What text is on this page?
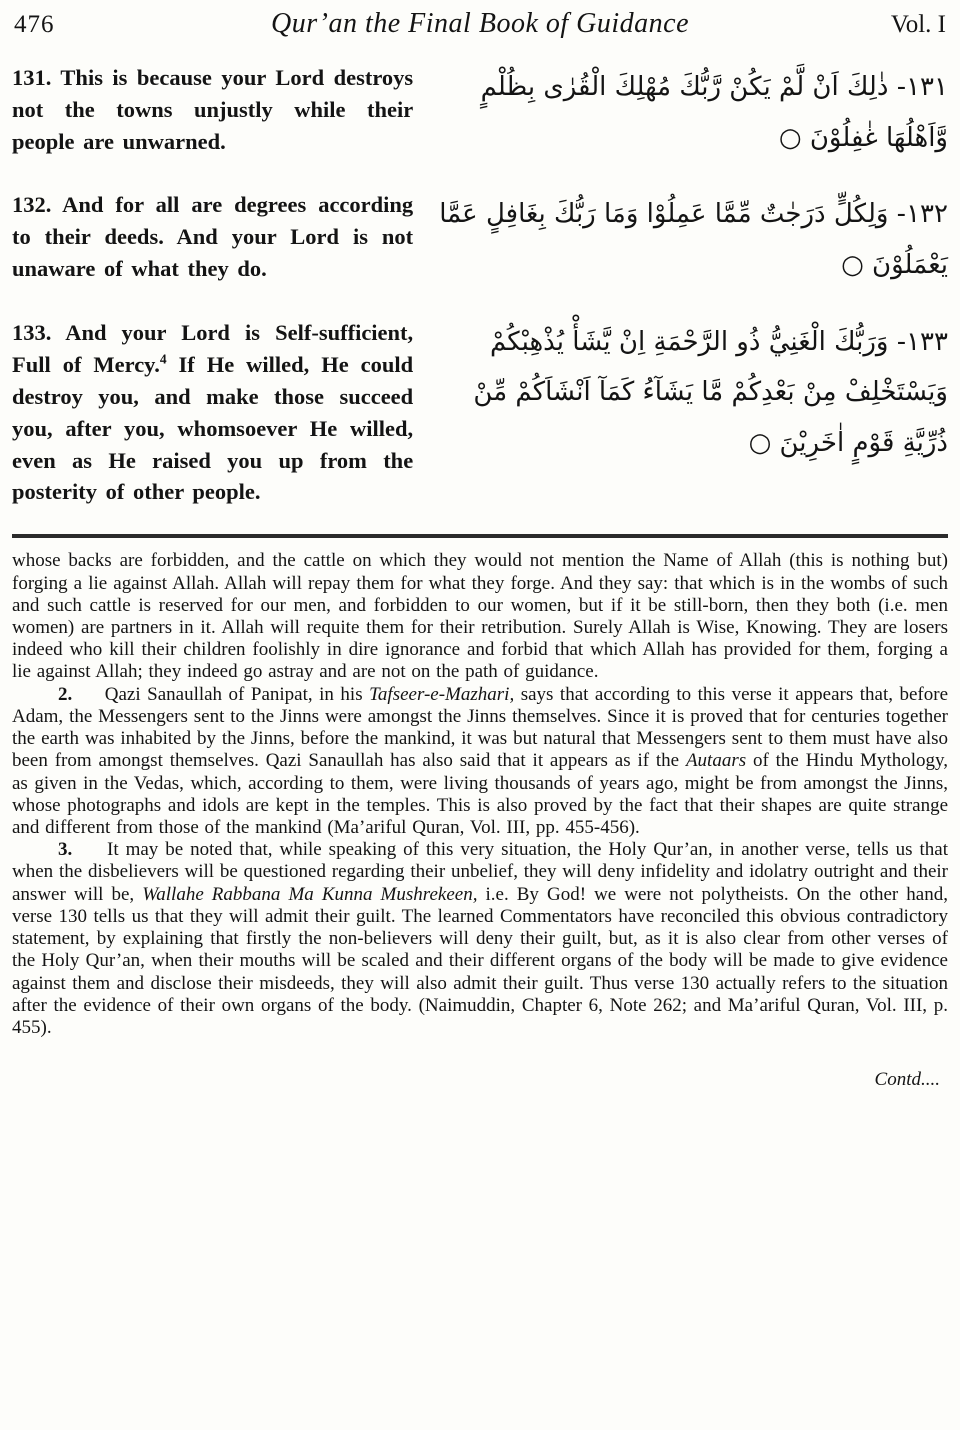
476	Qur’an the Final Book of Guidance	Vol. I
131. This is because your Lord destroys not the towns unjustly while their people are unwarned.
۱۳۱- ذٰلِكَ اَنْ لَّمْ يَكُنْ رَّبُّكَ مُهْلِكَ الْقُرٰى بِظُلْمٍ وَّاَهْلُهَا غٰفِلُوْنَ ○
132. And for all are degrees according to their deeds. And your Lord is not unaware of what they do.
۱۳۲- وَلِكُلٍّ دَرَجٰتٌ مِّمَّا عَمِلُوْا وَمَا رَبُّكَ بِغَافِلٍ عَمَّا يَعْمَلُوْنَ ○
133. And your Lord is Self-sufficient, Full of Mercy.$^4$ If He willed, He could destroy you, and make those succeed you, after you, whomsoever He willed, even as He raised you up from the posterity of other people.
۱۳۳- وَرَبُّكَ الْغَنِيُّ ذُو الرَّحْمَةِ اِنْ يَّشَأْ يُذْهِبْكُمْ وَيَسْتَخْلِفْ مِنْ بَعْدِكُمْ مَّا يَشَآءُ كَمَآ اَنْشَاَكُمْ مِّنْ ذُرِّيَّةِ قَوْمٍ اٰخَرِيْنَ ○

whose backs are forbidden, and the cattle on which they would not mention the Name of Allah (this is nothing but) forging a lie against Allah. Allah will repay them for what they forge. And they say: that which is in the wombs of such and such cattle is reserved for our men, and forbidden to our women, but if it be still-born, then they both (i.e. men women) are partners in it. Allah will requite them for their retribution. Surely Allah is Wise, Knowing. They are losers indeed who kill their children foolishly in dire ignorance and forbid that which Allah has provided for them, forging a lie against Allah; they indeed go astray and are not on the path of guidance.

2.     Qazi Sanaullah of Panipat, in his Tafseer-e-Mazhari, says that according to this verse it appears that, before Adam, the Messengers sent to the Jinns were amongst the Jinns themselves. Since it is proved that for centuries together the earth was inhabited by the Jinns, before the mankind, it was but natural that Messengers sent to them must have also been from amongst themselves. Qazi Sanaullah has also said that it appears as if the Autaars of the Hindu Mythology, as given in the Vedas, which, according to them, were living thousands of years ago, might be from amongst the Jinns, whose photographs and idols are kept in the temples. This is also proved by the fact that their shapes are quite strange and different from those of the mankind (Ma’ariful Quran, Vol. III, pp. 455-456).

3.     It may be noted that, while speaking of this very situation, the Holy Qur’an, in another verse, tells us that when the disbelievers will be questioned regarding their unbelief, they will deny infidelity and idolatry outright and their answer will be, Wallahe Rabbana Ma Kunna Mushrekeen, i.e. By God! we were not polytheists. On the other hand, verse 130 tells us that they will admit their guilt. The learned Commentators have reconciled this obvious contradictory statement, by explaining that firstly the non-believers will deny their guilt, but, as it is also clear from other verses of the Holy Qur’an, when their mouths will be scaled and their different organs of the body will be made to give evidence against them and disclose their misdeeds, they will also admit their guilt. Thus verse 130 actually refers to the situation after the evidence of their own organs of the body. (Naimuddin, Chapter 6, Note 262; and Ma’ariful Quran, Vol. III, p. 455).

Contd....
